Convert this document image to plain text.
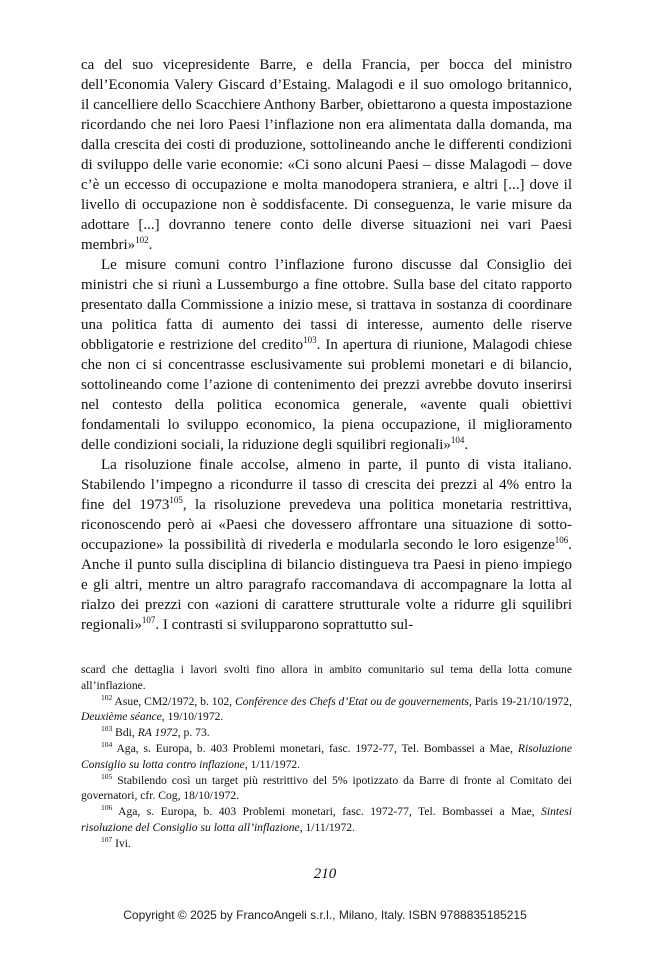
ca del suo vicepresidente Barre, e della Francia, per bocca del ministro dell’Economia Valery Giscard d’Estaing. Malagodi e il suo omologo britannico, il cancelliere dello Scacchiere Anthony Barber, obiettarono a questa impostazione ricordando che nei loro Paesi l’inflazione non era alimentata dalla domanda, ma dalla crescita dei costi di produzione, sottolineando anche le differenti condizioni di sviluppo delle varie economie: «Ci sono alcuni Paesi – disse Malagodi – dove c’è un eccesso di occupazione e molta manodopera straniera, e altri [...] dove il livello di occupazione non è soddisfacente. Di conseguenza, le varie misure da adottare [...] dovranno tenere conto delle diverse situazioni nei vari Paesi membri»$^{102}$.

Le misure comuni contro l’inflazione furono discusse dal Consiglio dei ministri che si riunì a Lussemburgo a fine ottobre. Sulla base del citato rapporto presentato dalla Commissione a inizio mese, si trattava in sostanza di coordinare una politica fatta di aumento dei tassi di interesse, aumento delle riserve obbligatorie e restrizione del credito$^{103}$. In apertura di riunione, Malagodi chiese che non ci si concentrasse esclusivamente sui problemi monetari e di bilancio, sottolineando come l’azione di contenimento dei prezzi avrebbe dovuto inserirsi nel contesto della politica economica generale, «avente quali obiettivi fondamentali lo sviluppo economico, la piena occupazione, il miglioramento delle condizioni sociali, la riduzione degli squilibri regionali»$^{104}$.

La risoluzione finale accolse, almeno in parte, il punto di vista italiano. Stabilendo l’impegno a ricondurre il tasso di crescita dei prezzi al 4% entro la fine del 1973$^{105}$, la risoluzione prevedeva una politica monetaria restrittiva, riconoscendo però ai «Paesi che dovessero affrontare una situazione di sotto-occupazione» la possibilità di rivederla e modularla secondo le loro esigenze$^{106}$. Anche il punto sulla disciplina di bilancio distingueva tra Paesi in pieno impiego e gli altri, mentre un altro paragrafo raccomandava di accompagnare la lotta al rialzo dei prezzi con «azioni di carattere strutturale volte a ridurre gli squilibri regionali»$^{107}$. I contrasti si svilupparono soprattutto sul-

scard che dettaglia i lavori svolti fino allora in ambito comunitario sul tema della lotta comune all’inflazione.

$^{102}$ Asue, CM2/1972, b. 102, Conférence des Chefs d’Etat ou de gouvernements, Paris 19-21/10/1972, Deuxième séance, 19/10/1972.

$^{103}$ Bdi, RA 1972, p. 73.

$^{104}$ Aga, s. Europa, b. 403 Problemi monetari, fasc. 1972-77, Tel. Bombassei a Mae, Risoluzione Consiglio su lotta contro inflazione, 1/11/1972.

$^{105}$ Stabilendo così un target più restrittivo del 5% ipotizzato da Barre di fronte al Comitato dei governatori, cfr. Cog, 18/10/1972.

$^{106}$ Aga, s. Europa, b. 403 Problemi monetari, fasc. 1972-77, Tel. Bombassei a Mae, Sintesi risoluzione del Consiglio su lotta all’inflazione, 1/11/1972.

$^{107}$ Ivi.

210
Copyright © 2025 by FrancoAngeli s.r.l., Milano, Italy. ISBN 9788835185215
